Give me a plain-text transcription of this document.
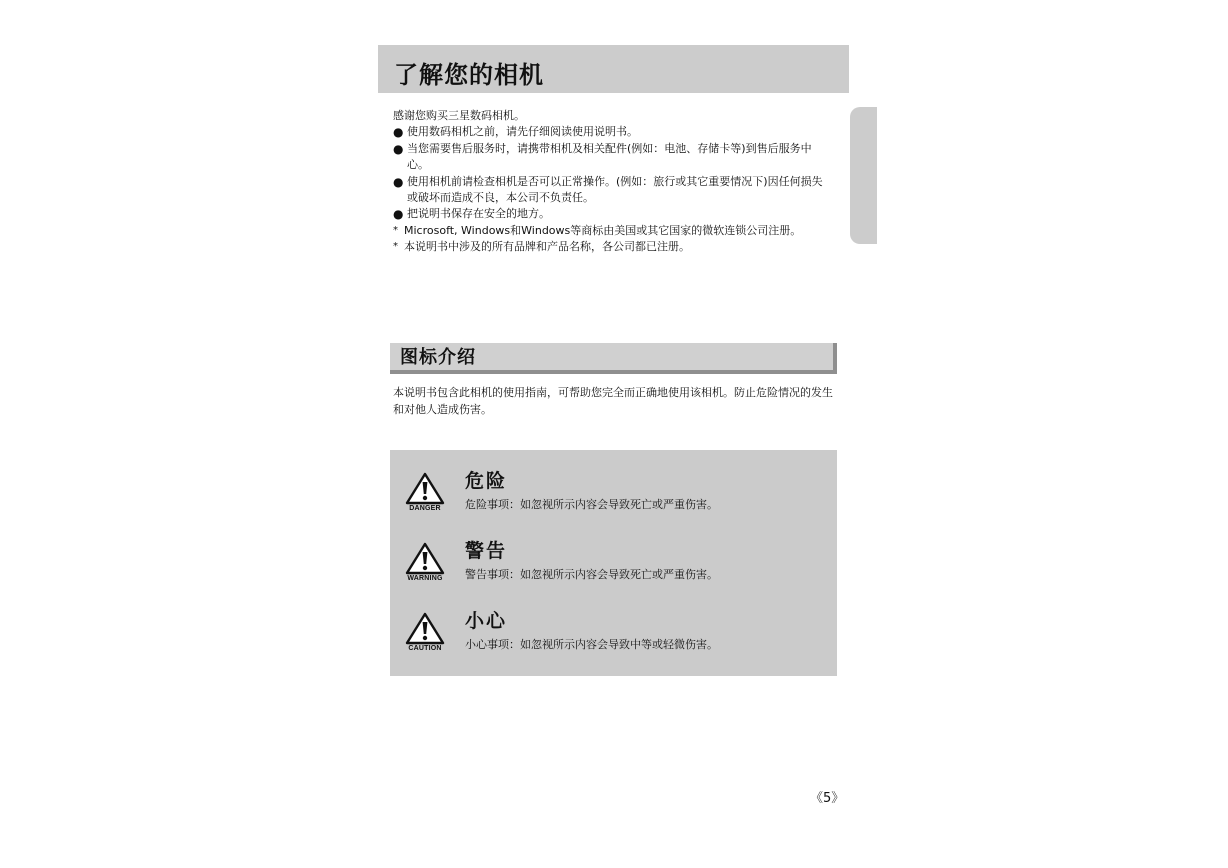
了解您的相机
感谢您购买三星数码相机。
● 使用数码相机之前，请先仔细阅读使用说明书。
● 当您需要售后服务时，请携带相机及相关配件(例如：电池、存储卡等)到售后服务中心。
● 使用相机前请检查相机是否可以正常操作。(例如：旅行或其它重要情况下)因任何损失或破坏而造成不良，本公司不负责任。
● 把说明书保存在安全的地方。
* Microsoft, Windows和Windows等商标由美国或其它国家的微软连锁公司注册。
* 本说明书中涉及的所有品牌和产品名称，各公司都已注册。
图标介绍
本说明书包含此相机的使用指南，可帮助您完全而正确地使用该相机。防止危险情况的发生和对他人造成伤害。
DANGER
危险
危险事项：如忽视所示内容会导致死亡或严重伤害。
WARNING
警告
警告事项：如忽视所示内容会导致死亡或严重伤害。
CAUTION
小心
小心事项：如忽视所示内容会导致中等或轻微伤害。
《5》
